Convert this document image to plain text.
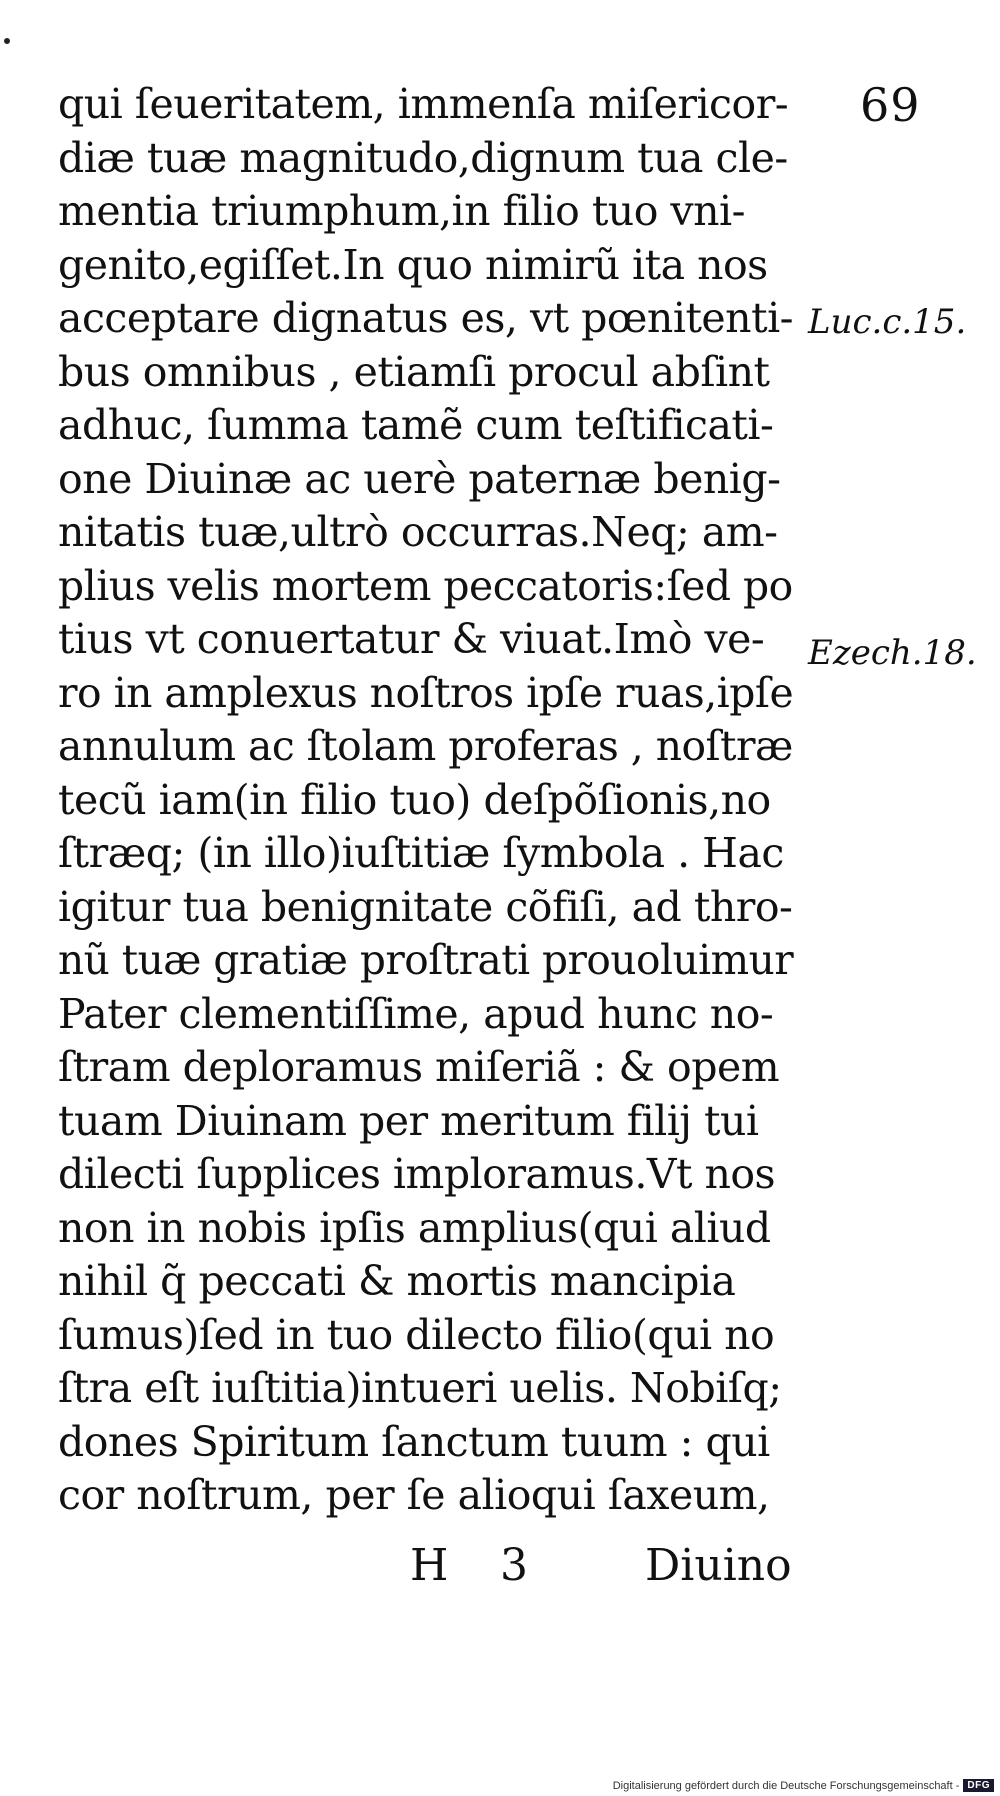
69
qui ſeueritatem, immenſa miſericor-
diæ tuæ magnitudo,dignum tua cle-
mentia triumphum,in filio tuo vni-
genito,egiſſet.In quo nimirũ ita nos
acceptare dignatus es, vt pœnitenti-
bus omnibus , etiamſi procul abſint
adhuc, ſumma tamẽ cum teſtificati-
one Diuinæ ac uerè paternæ benig-
nitatis tuæ,ultrò occurras.Neq; am-
plius velis mortem peccatoris:ſed po
tius vt conuertatur & viuat.Imò ve-
ro in amplexus noſtros ipſe ruas,ipſe
annulum ac ſtolam proferas , noſtræ
tecũ iam(in filio tuo) deſpõſionis,no
ſtræq; (in illo)iuſtitiæ ſymbola . Hac
igitur tua benignitate cõfiſi, ad thro-
nũ tuæ gratiæ proſtrati prouoluimur
Pater clementiſſime, apud hunc no-
ſtram deploramus miſeriã : & opem
tuam Diuinam per meritum filij tui
dilecti ſupplices imploramus.Vt nos
non in nobis ipſis amplius(qui aliud
nihil q̃ peccati & mortis mancipia
ſumus)ſed in tuo dilecto filio(qui no
ſtra eſt iuſtitia)intueri uelis. Nobiſq;
dones Spiritum ſanctum tuum : qui
cor noſtrum, per ſe alioqui ſaxeum,
Luc.c.15.
Ezech.18.
H 3	Diuino
Digitalisierung gefördert durch die Deutsche Forschungsgemeinschaft - DFG
